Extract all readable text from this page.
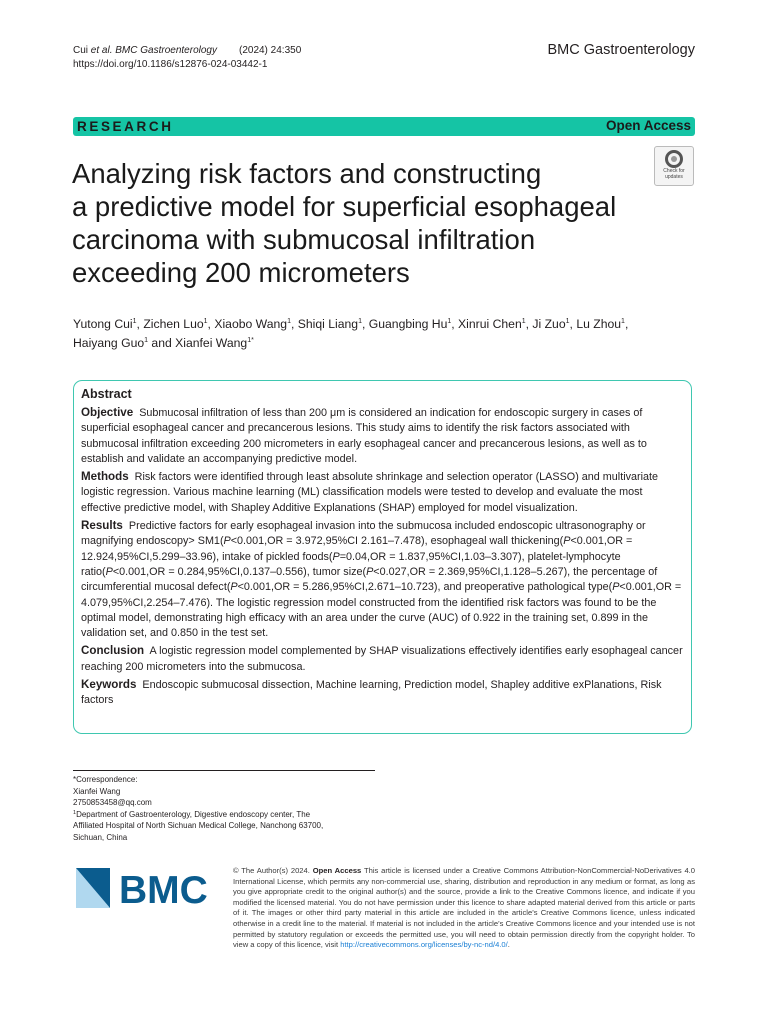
Cui et al. BMC Gastroenterology (2024) 24:350
https://doi.org/10.1186/s12876-024-03442-1
BMC Gastroenterology
RESEARCH	Open Access
Analyzing risk factors and constructing
a predictive model for superficial esophageal
carcinoma with submucosal infiltration
exceeding 200 micrometers
Check for
updates
Yutong Cui$^1$, Zichen Luo$^1$, Xiaobo Wang$^1$, Shiqi Liang$^1$, Guangbing Hu$^1$, Xinrui Chen$^1$, Ji Zuo$^1$, Lu Zhou$^1$,
Haiyang Guo$^1$ and Xianfei Wang$^{1*}$
Abstract

Objective Submucosal infiltration of less than 200 μm is considered an indication for endoscopic surgery in cases of superficial esophageal cancer and precancerous lesions. This study aims to identify the risk factors associated with submucosal infiltration exceeding 200 micrometers in early esophageal cancer and precancerous lesions, as well as to establish and validate an accompanying predictive model.

Methods Risk factors were identified through least absolute shrinkage and selection operator (LASSO) and multivariate logistic regression. Various machine learning (ML) classification models were tested to develop and evaluate the most effective predictive model, with Shapley Additive Explanations (SHAP) employed for model visualization.

Results Predictive factors for early esophageal invasion into the submucosa included endoscopic ultrasonography or magnifying endoscopy> SM1(P<0.001,OR = 3.972,95%CI 2.161–7.478), esophageal wall thickening(P<0.001,OR = 12.924,95%CI,5.299–33.96), intake of pickled foods(P=0.04,OR = 1.837,95%CI,1.03–3.307), platelet-lymphocyte ratio(P<0.001,OR = 0.284,95%CI,0.137–0.556), tumor size(P<0.027,OR = 2.369,95%CI,1.128–5.267), the percentage of circumferential mucosal defect(P<0.001,OR = 5.286,95%CI,2.671–10.723), and preoperative pathological type(P<0.001,OR = 4.079,95%CI,2.254–7.476). The logistic regression model constructed from the identified risk factors was found to be the optimal model, demonstrating high efficacy with an area under the curve (AUC) of 0.922 in the training set, 0.899 in the validation set, and 0.850 in the test set.

Conclusion A logistic regression model complemented by SHAP visualizations effectively identifies early esophageal cancer reaching 200 micrometers into the submucosa.

Keywords Endoscopic submucosal dissection, Machine learning, Prediction model, Shapley additive exPlanations, Risk factors

*Correspondence:
Xianfei Wang
2750853458@qq.com
$^1$Department of Gastroenterology, Digestive endoscopy center, The
Affiliated Hospital of North Sichuan Medical College, Nanchong 63700,
Sichuan, China
BMC	© The Author(s) 2024. Open Access This article is licensed under a Creative Commons Attribution-NonCommercial-NoDerivatives 4.0 International License, which permits any non-commercial use, sharing, distribution and reproduction in any medium or format, as long as you give appropriate credit to the original author(s) and the source, provide a link to the Creative Commons licence, and indicate if you modified the licensed material. You do not have permission under this licence to share adapted material derived from this article or parts of it. The images or other third party material in this article are included in the article’s Creative Commons licence, unless indicated otherwise in a credit line to the material. If material is not included in the article’s Creative Commons licence and your intended use is not permitted by statutory regulation or exceeds the permitted use, you will need to obtain permission directly from the copyright holder. To view a copy of this licence, visit http://creativecommons.org/licenses/by-nc-nd/4.0/.
